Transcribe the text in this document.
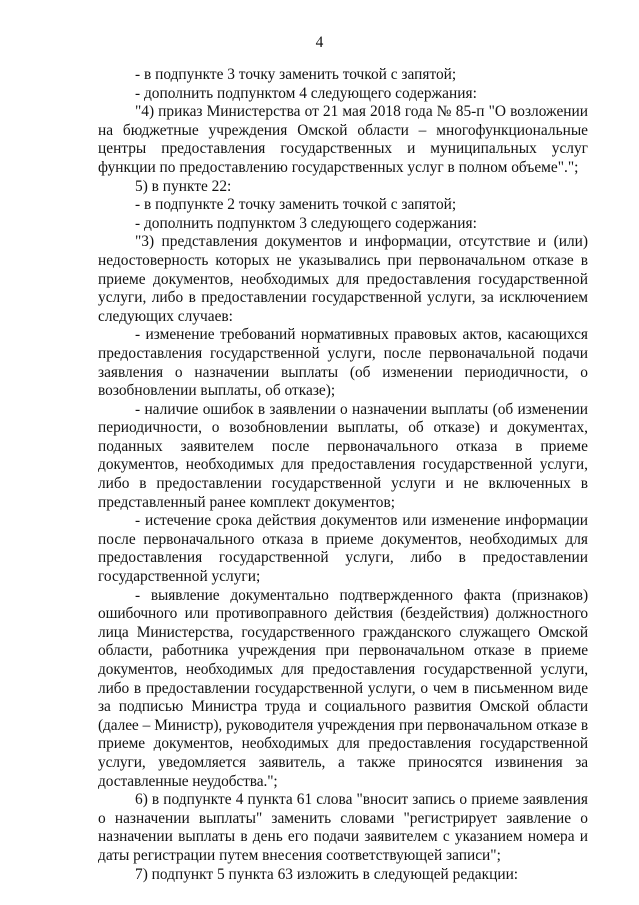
4

- в подпункте 3 точку заменить точкой с запятой;

- дополнить подпунктом 4 следующего содержания:

"4) приказ Министерства от 21 мая 2018 года № 85-п "О возложении на бюджетные учреждения Омской области – многофункциональные центры предоставления государственных и муниципальных услуг функции по предоставлению государственных услуг в полном объеме".";

5) в пункте 22:

- в подпункте 2 точку заменить точкой с запятой;

- дополнить подпунктом 3 следующего содержания:

"3) представления документов и информации, отсутствие и (или) недостоверность которых не указывались при первоначальном отказе в приеме документов, необходимых для предоставления государственной услуги, либо в предоставлении государственной услуги, за исключением следующих случаев:

- изменение требований нормативных правовых актов, касающихся предоставления государственной услуги, после первоначальной подачи заявления о назначении выплаты (об изменении периодичности, о возобновлении выплаты, об отказе);

- наличие ошибок в заявлении о назначении выплаты (об изменении периодичности, о возобновлении выплаты, об отказе) и документах, поданных заявителем после первоначального отказа в приеме документов, необходимых для предоставления государственной услуги, либо в предоставлении государственной услуги и не включенных в представленный ранее комплект документов;

- истечение срока действия документов или изменение информации после первоначального отказа в приеме документов, необходимых для предоставления государственной услуги, либо в предоставлении государственной услуги;

- выявление документально подтвержденного факта (признаков) ошибочного или противоправного действия (бездействия) должностного лица Министерства, государственного гражданского служащего Омской области, работника учреждения при первоначальном отказе в приеме документов, необходимых для предоставления государственной услуги, либо в предоставлении государственной услуги, о чем в письменном виде за подписью Министра труда и социального развития Омской области (далее – Министр), руководителя учреждения при первоначальном отказе в приеме документов, необходимых для предоставления государственной услуги, уведомляется заявитель, а также приносятся извинения за доставленные неудобства.";

6) в подпункте 4 пункта 61 слова "вносит запись о приеме заявления о назначении выплаты" заменить словами "регистрирует заявление о назначении выплаты в день его подачи заявителем с указанием номера и даты регистрации путем внесения соответствующей записи";

7) подпункт 5 пункта 63 изложить в следующей редакции:
